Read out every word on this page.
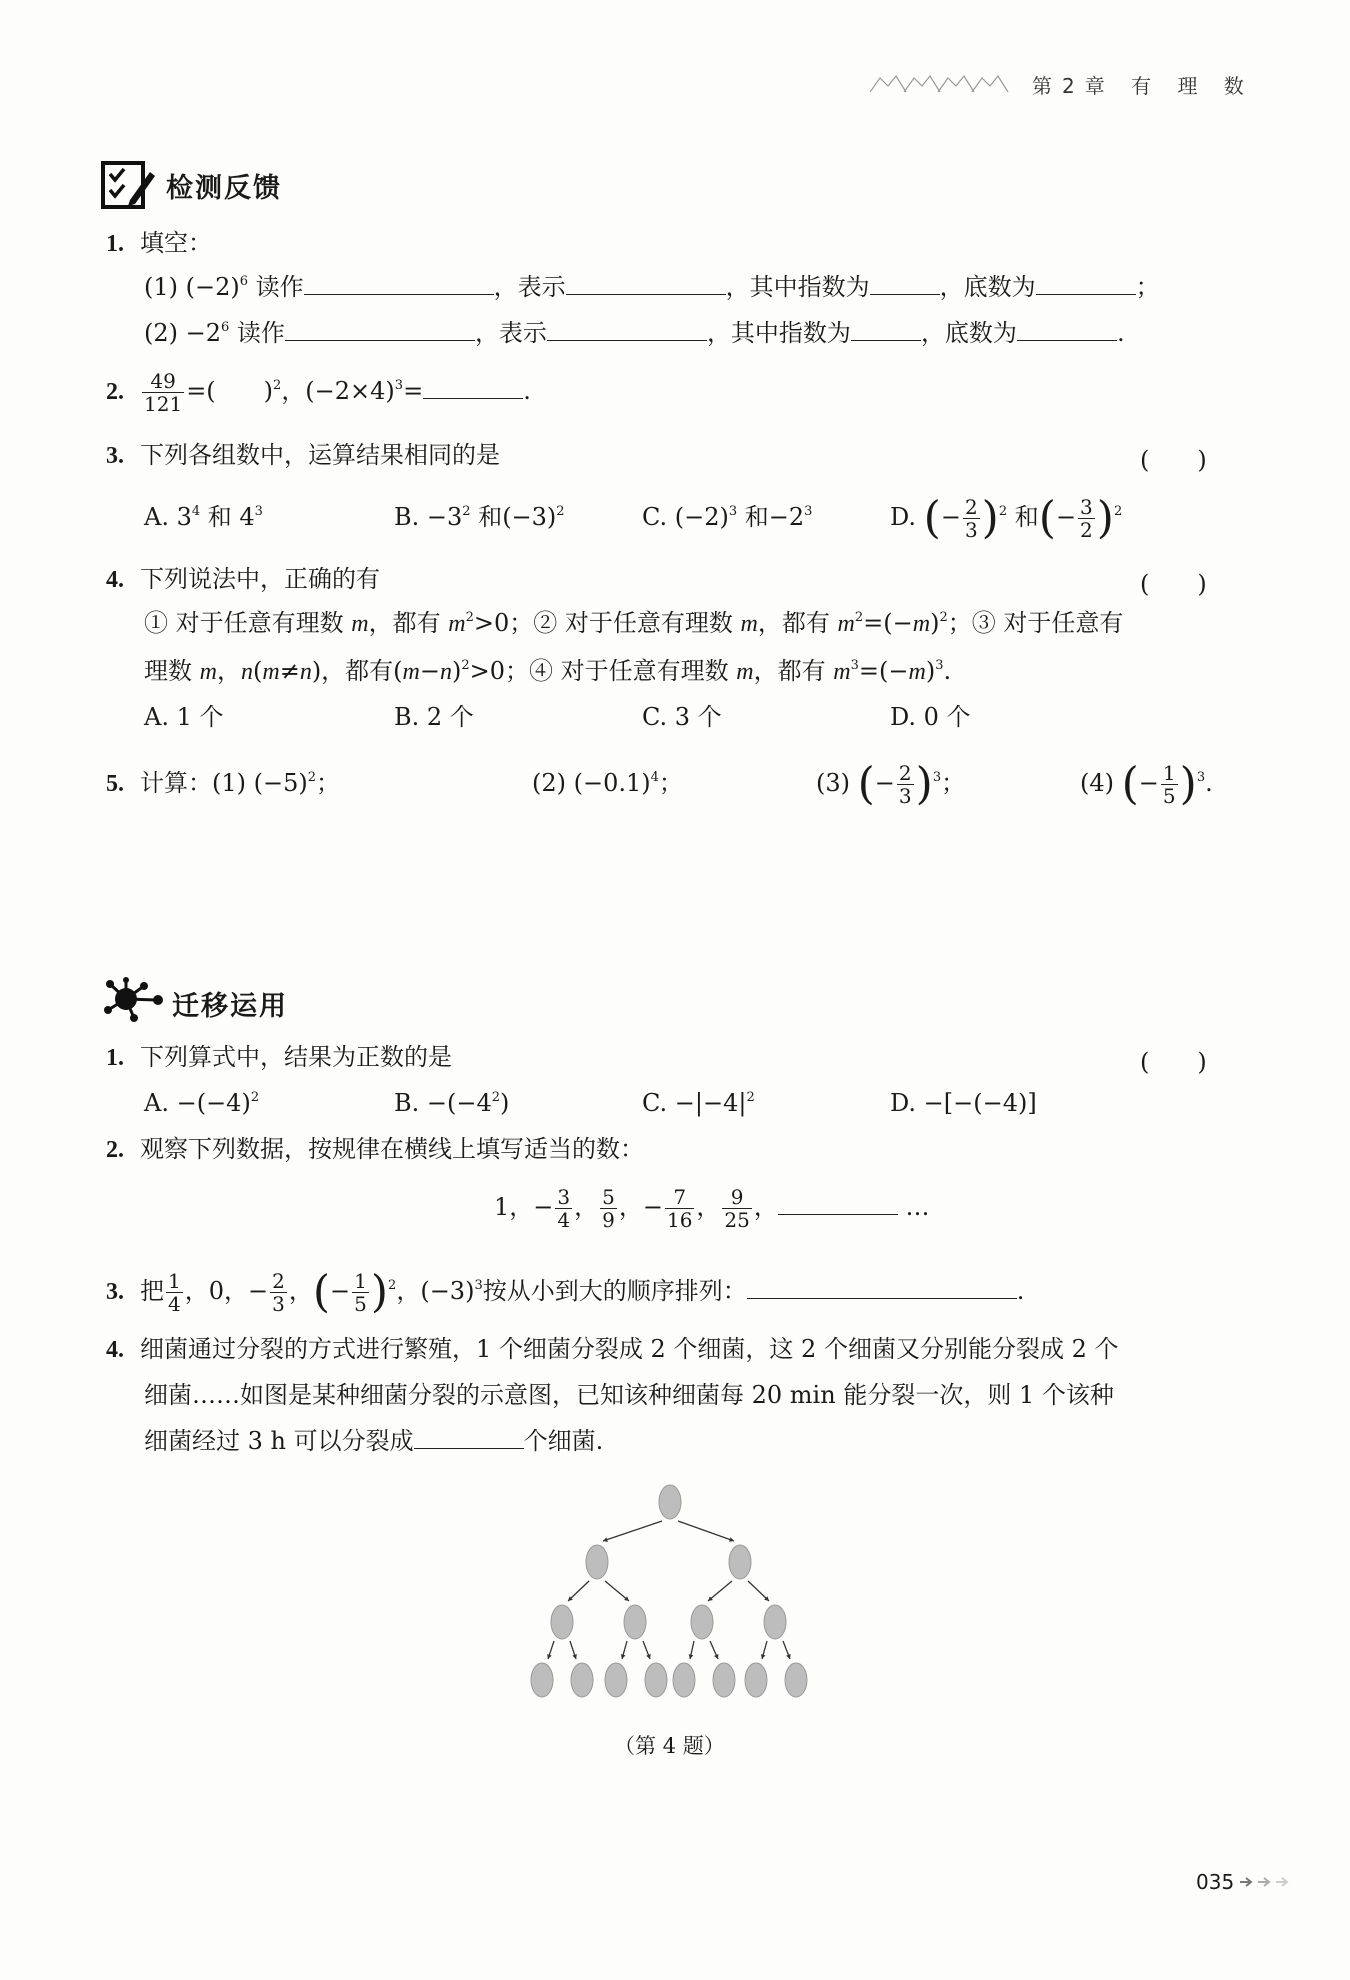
第2章 有 理 数
检测反馈
1. 填空：
(1) $(-2)^6$ 读作	，表示	，其中指数为	，底数为	；
$(2) -2^6$ 读作	，表示	，其中指数为	，底数为	.
2. $\frac{49}{121}$ =(　　)$^2$，$(-2\times 4)^3=$	.
3. 下列各组数中，运算结果相同的是	(　　)
A. $3^4$ 和 $4^3$	B. $-3^2$ 和$(-3)^2$	C. $(-2)^3$ 和$-2^3$	D. (− $\frac{2}{3} )^2$ 和(− $\frac{3}{2} )^2$
4. 下列说法中，正确的有	(　　)
① 对于任意有理数 m，都有 $m^2>0$；② 对于任意有理数 m，都有 $m^2=(-m)^2$；③ 对于任意有
理数 m，n(m≠n)，都有$(m-n)^2>0$；④ 对于任意有理数 m，都有 $m^3=(-m)^3$.
A. 1 个	B. 2 个	C. 3 个	D. 0 个
5. 计算：(1) $(-5)^2$；	(2) $(-0.1)^4$；	(3) (− $\frac{2}{3} )^3$；	(4) (− $\frac{1}{5} )^3$.
迁移运用
1. 下列算式中，结果为正数的是	(　　)
A. $-(-4)^2$	B. $-(-4^2)$	C. $-|-4|^2$	D. −[−(−4)]
2. 观察下列数据，按规律在横线上填写适当的数：
1，− $\frac{3}{4}$ ， $\frac{5}{9}$ ，− $\frac{7}{16}$ ， $\frac{9}{25}$ ，	…
3. 把 $\frac{1}{4}$ ，0，− $\frac{2}{3}$ ，(− $\frac{1}{5} )^2$，$(-3)^3$按从小到大的顺序排列：	.
4. 细菌通过分裂的方式进行繁殖，1 个细菌分裂成 2 个细菌，这 2 个细菌又分别能分裂成 2 个
细菌……如图是某种细菌分裂的示意图，已知该种细菌每 20 min 能分裂一次，则 1 个该种
细菌经过 3 h 可以分裂成	个细菌.
（第 4 题）
035
